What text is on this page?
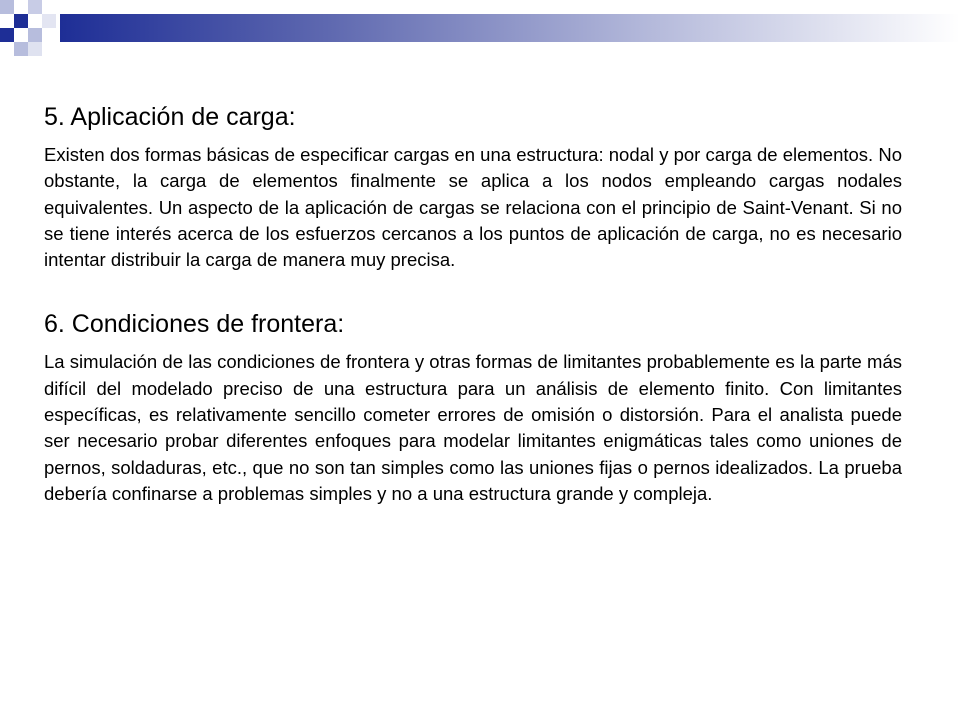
5. Aplicación de carga:

Existen dos formas básicas de especificar cargas en una estructura: nodal y por carga de elementos. No obstante, la carga de elementos finalmente se aplica a los nodos empleando cargas nodales equivalentes. Un aspecto de la aplicación de cargas se relaciona con el principio de Saint-Venant. Si no se tiene interés acerca de los esfuerzos cercanos a los puntos de aplicación de carga, no es necesario intentar distribuir la carga de manera muy precisa.

6. Condiciones de frontera:

La simulación de las condiciones de frontera y otras formas de limitantes probablemente es la parte más difícil del modelado preciso de una estructura para un análisis de elemento finito. Con limitantes específicas, es relativamente sencillo cometer errores de omisión o distorsión. Para el analista puede ser necesario probar diferentes enfoques para modelar limitantes enigmáticas tales como uniones de pernos, soldaduras, etc., que no son tan simples como las uniones fijas o pernos idealizados. La prueba debería confinarse a problemas simples y no a una estructura grande y compleja.
